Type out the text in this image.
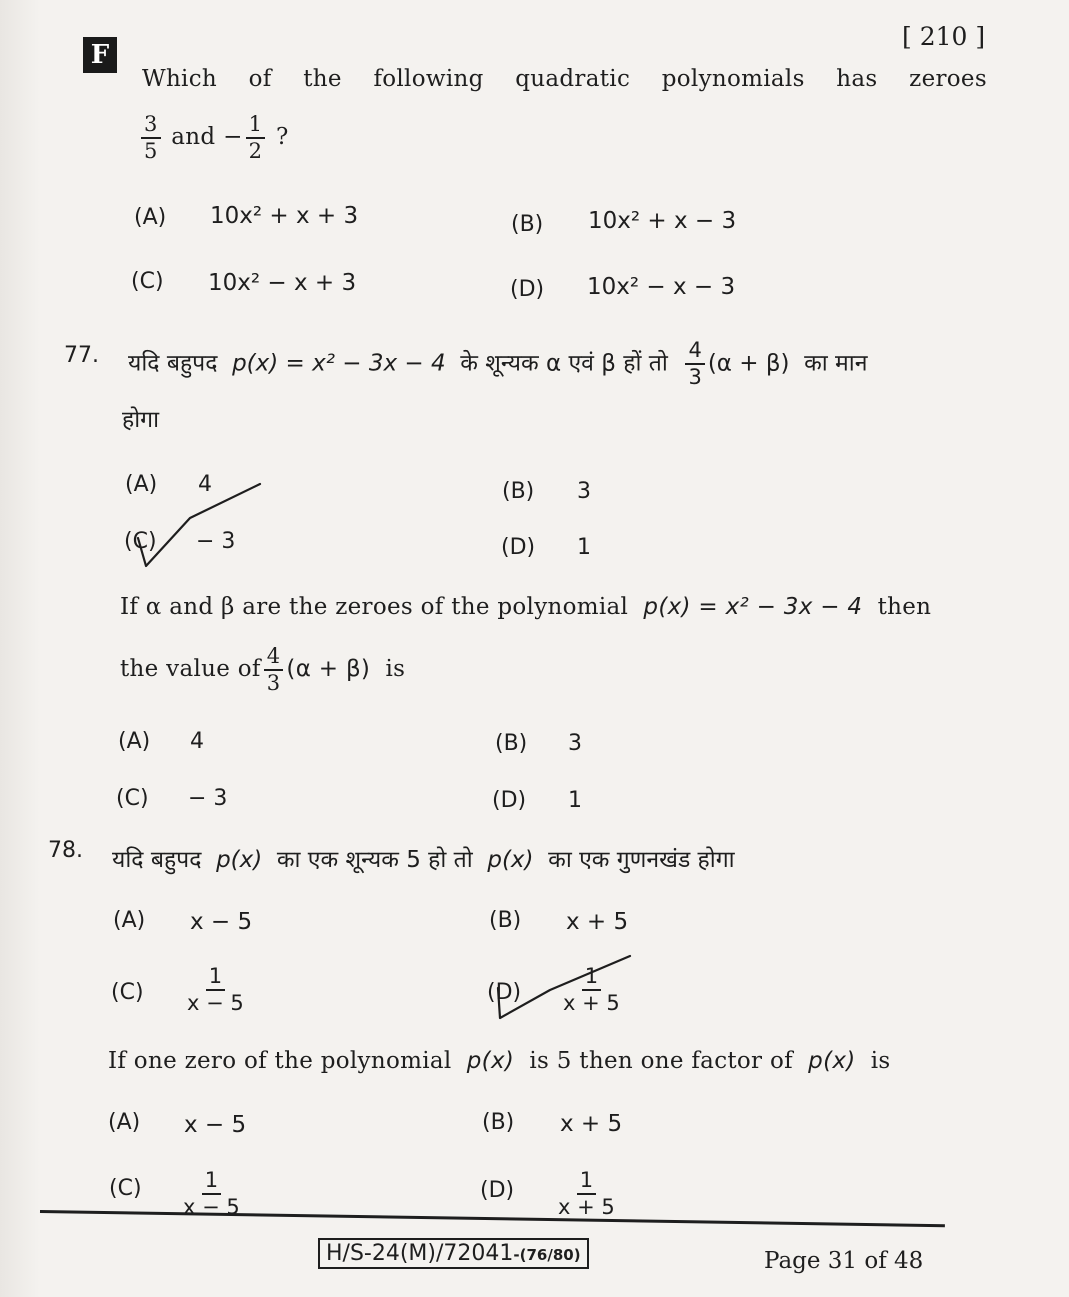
F
[ 210 ]
Which of the following quadratic polynomials has zeroes
$\frac{3}{5}$ and − $\frac{1}{2}$ ?
(A) 10x² + x + 3	(B) 10x² + x − 3
(C) 10x² − x + 3	(D) 10x² − x − 3
77. यदि बहुपद p(x) = x² − 3x − 4 के शून्यक α एवं β हों तो $\frac{4}{3} (\alpha + \beta)$ का मान
होगा
(A) 4	(B) 3
(C) − 3	(D) 1
If α and β are the zeroes of the polynomial p(x) = x² − 3x − 4 then
the value of $\frac{4}{3} (\alpha + \beta)$ is
(A) 4	(B) 3
(C) − 3	(D) 1
78. यदि बहुपद p(x) का एक शून्यक 5 हो तो p(x) का एक गुणनखंड होगा
(A) x − 5	(B) x + 5
$(C) \frac{1}{x - 5}$	$(D) \frac{1}{x + 5}$
If one zero of the polynomial p(x) is 5 then one factor of p(x) is
(A) x − 5	(B) x + 5
$(C) \frac{1}{x - 5}$	$(D) \frac{1}{x + 5}$
H/S-24(M)/72041-(76/80)	Page 31 of 48
